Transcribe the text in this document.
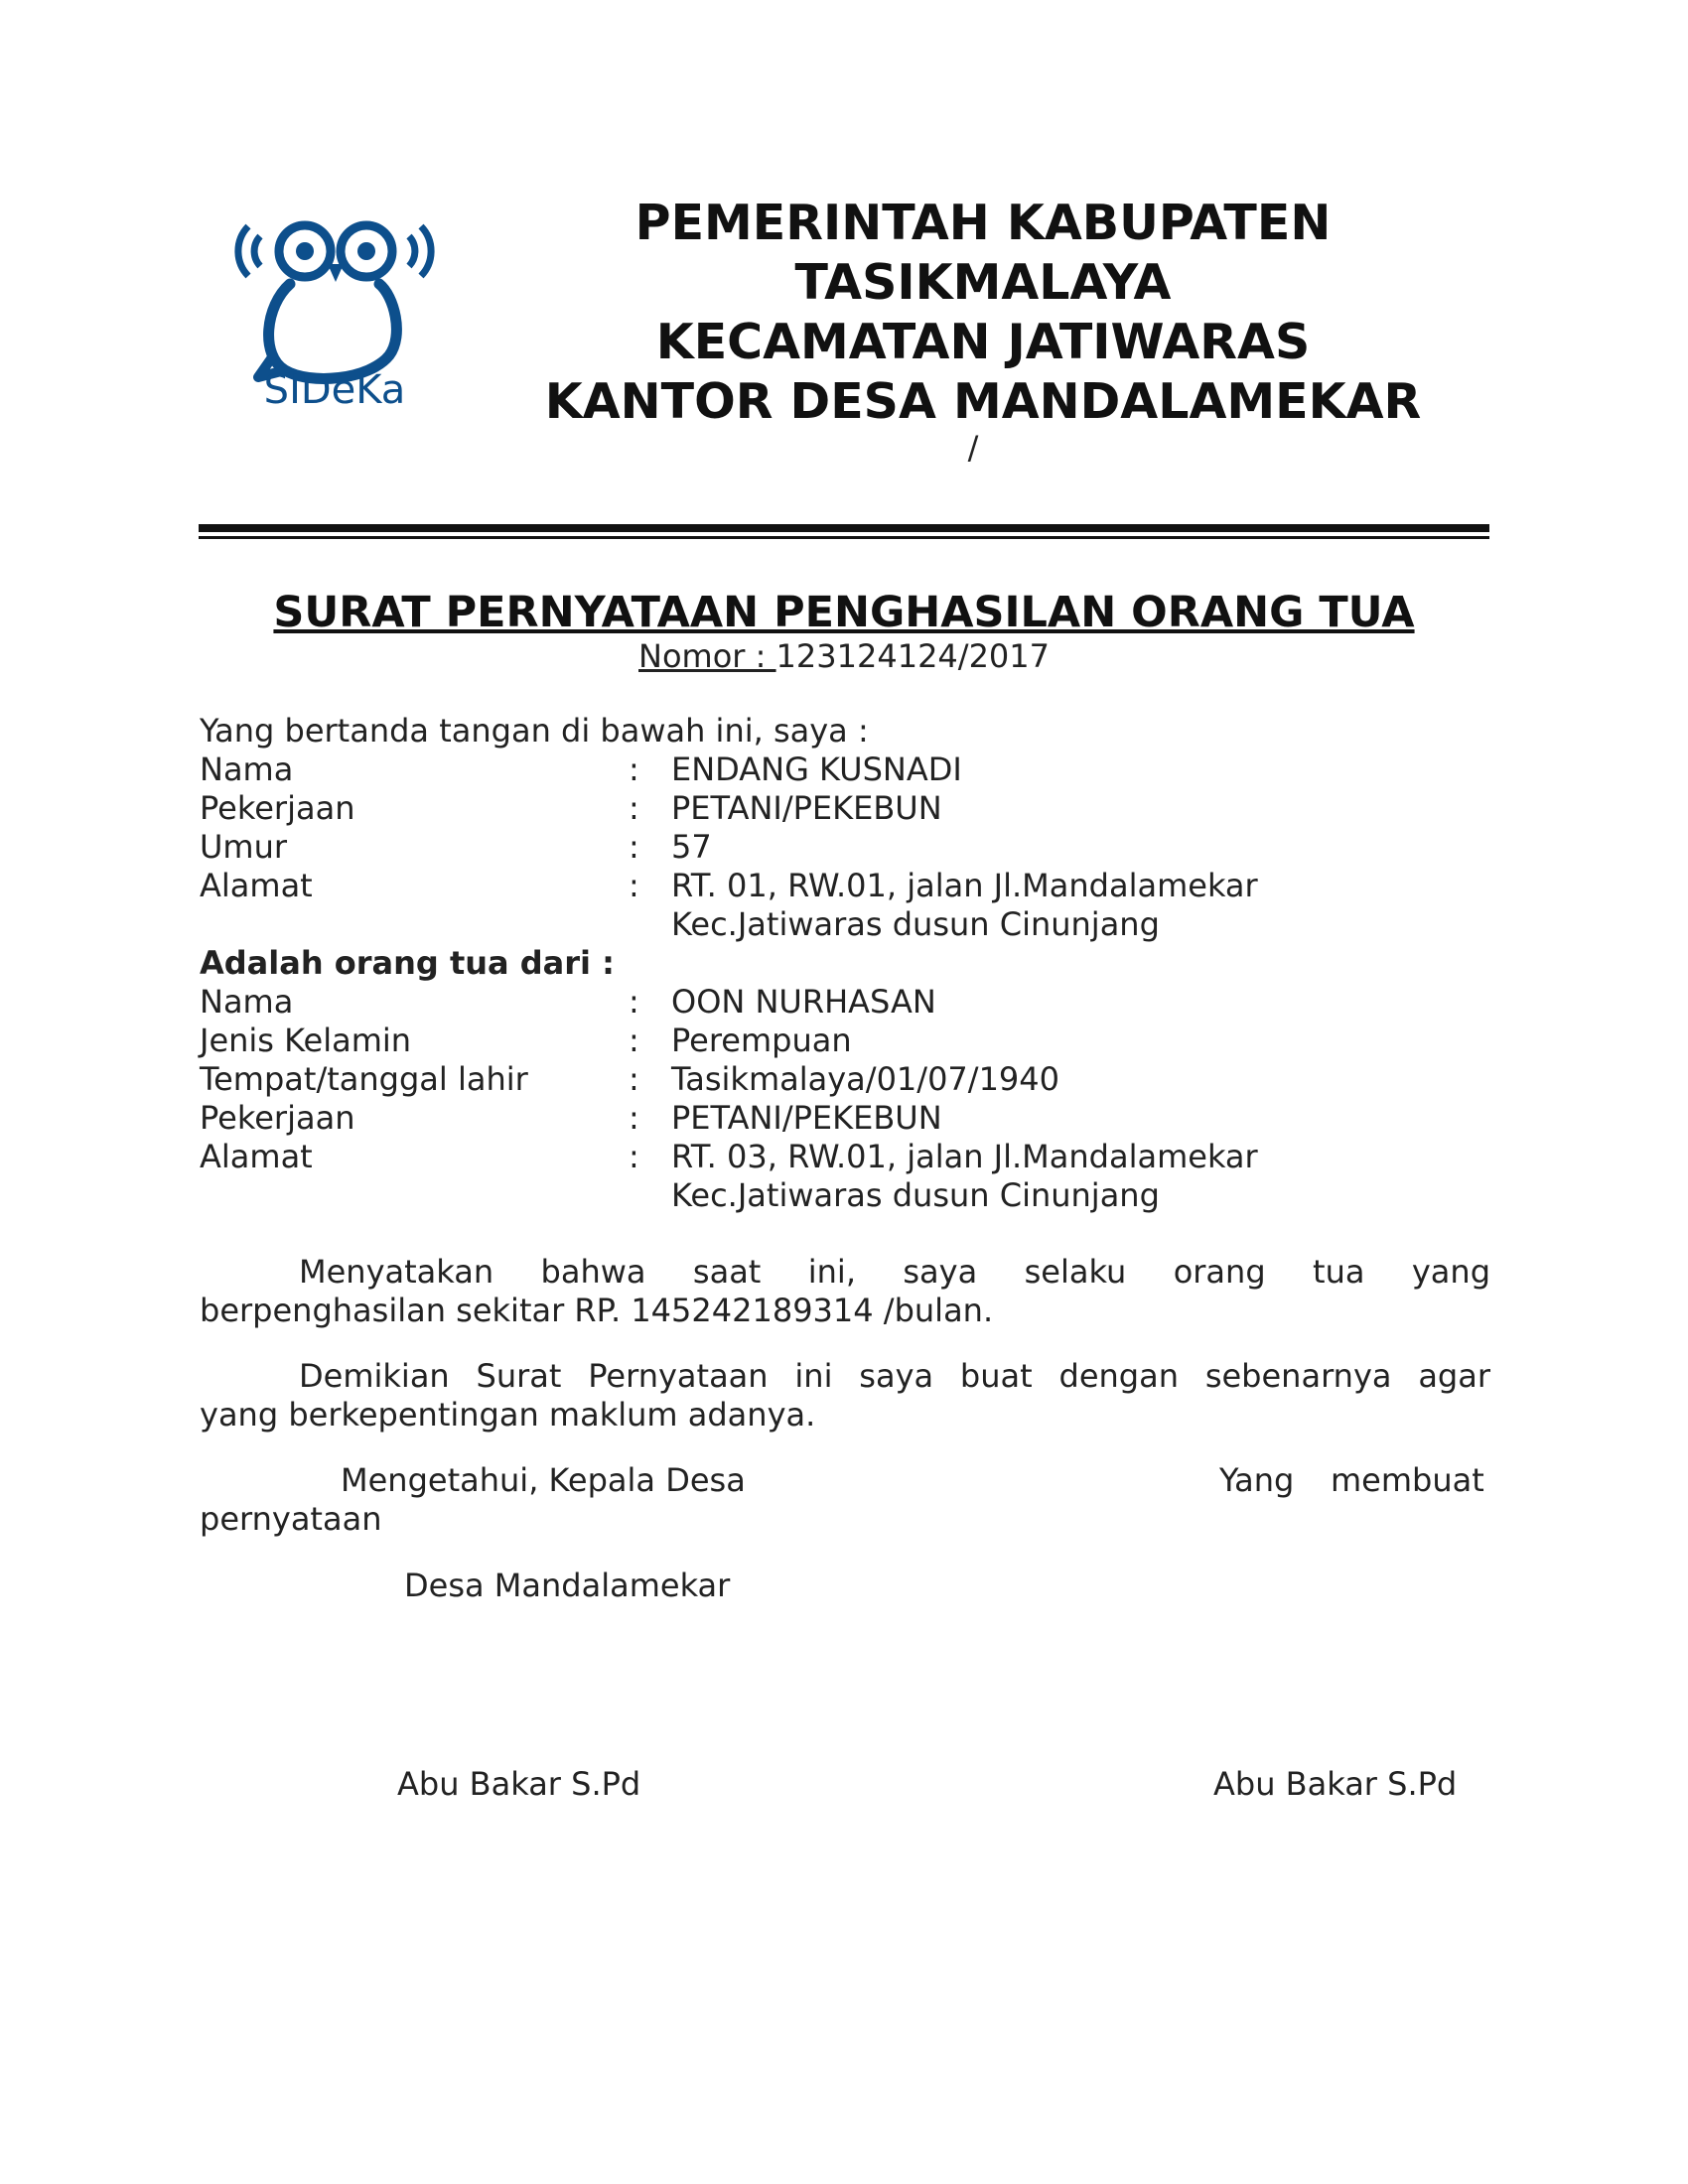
SIDeKa
PEMERINTAH KABUPATEN
TASIKMALAYA
KECAMATAN JATIWARAS
KANTOR DESA MANDALAMEKAR
/
SURAT PERNYATAAN PENGHASILAN ORANG TUA
Nomor : 123124124/2017
Yang bertanda tangan di bawah ini, saya :
Nama	: ENDANG KUSNADI
Pekerjaan	: PETANI/PEKEBUN
Umur	: 57
Alamat	: RT. 01, RW.01, jalan Jl.Mandalamekar
Kec.Jatiwaras dusun Cinunjang
Adalah orang tua dari :
Nama	: OON NURHASAN
Jenis Kelamin	: Perempuan
Tempat/tanggal lahir	: Tasikmalaya/01/07/1940
Pekerjaan	: PETANI/PEKEBUN
Alamat	: RT. 03, RW.01, jalan Jl.Mandalamekar
Kec.Jatiwaras dusun Cinunjang
Menyatakan bahwa saat ini, saya selaku orang tua yang
berpenghasilan sekitar RP. 145242189314 /bulan.
Demikian Surat Pernyataan ini saya buat dengan sebenarnya agar
yang berkepentingan maklum adanya.
Mengetahui, Kepala Desa	Yang membuat
pernyataan
Desa Mandalamekar
Abu Bakar S.Pd	Abu Bakar S.Pd
